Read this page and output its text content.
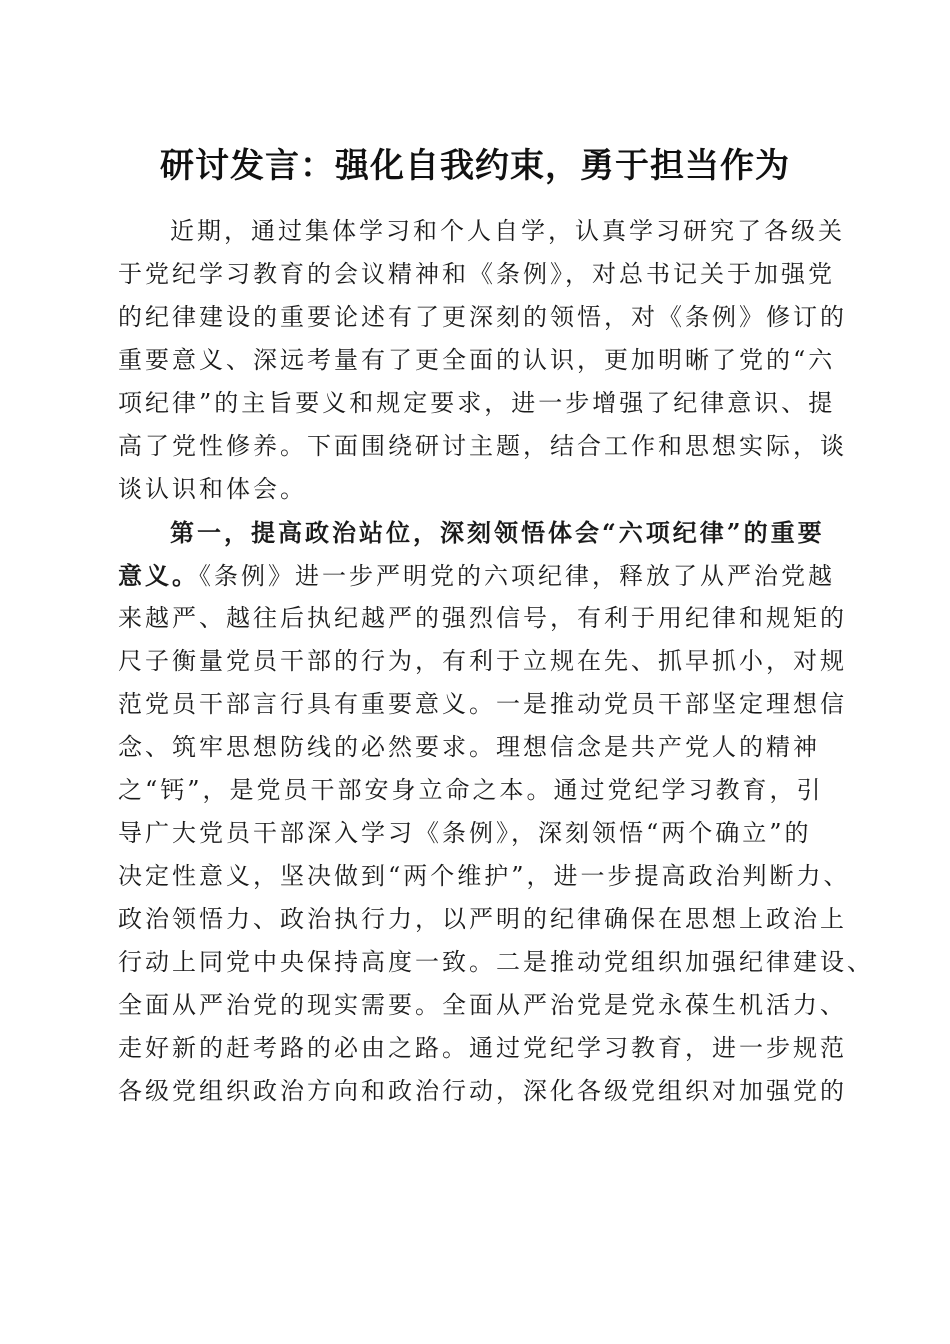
研讨发言：强化自我约束，勇于担当作为
近期，通过集体学习和个人自学，认真学习研究了各级关
于党纪学习教育的会议精神和《条例》，对总书记关于加强党
的纪律建设的重要论述有了更深刻的领悟，对《条例》修订的
重要意义、深远考量有了更全面的认识，更加明晰了党的“六
项纪律”的主旨要义和规定要求，进一步增强了纪律意识、提
高了党性修养。下面围绕研讨主题，结合工作和思想实际，谈
谈认识和体会。
第一，提高政治站位，深刻领悟体会“六项纪律”的重要
意义。《条例》进一步严明党的六项纪律，释放了从严治党越
来越严、越往后执纪越严的强烈信号，有利于用纪律和规矩的
尺子衡量党员干部的行为，有利于立规在先、抓早抓小，对规
范党员干部言行具有重要意义。一是推动党员干部坚定理想信
念、筑牢思想防线的必然要求。理想信念是共产党人的精神
之“钙”，是党员干部安身立命之本。通过党纪学习教育，引
导广大党员干部深入学习《条例》，深刻领悟“两个确立”的
决定性意义，坚决做到“两个维护”，进一步提高政治判断力、
政治领悟力、政治执行力，以严明的纪律确保在思想上政治上
行动上同党中央保持高度一致。二是推动党组织加强纪律建设、
全面从严治党的现实需要。全面从严治党是党永葆生机活力、
走好新的赶考路的必由之路。通过党纪学习教育，进一步规范
各级党组织政治方向和政治行动，深化各级党组织对加强党的
